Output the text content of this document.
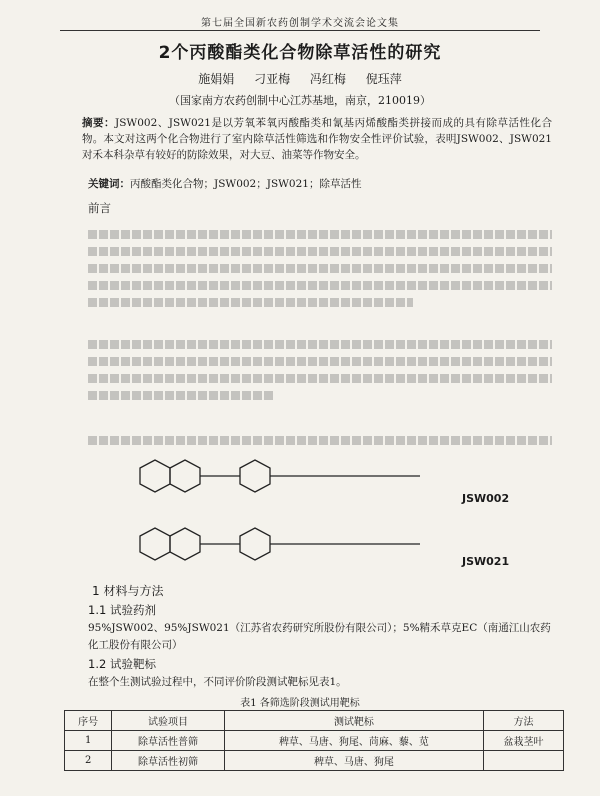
第七届全国新农药创制学术交流会论文集
2个丙酸酯类化合物除草活性的研究
施娟娟 刁亚梅 冯红梅 倪珏萍
（国家南方农药创制中心江苏基地，南京，210019）
摘要：JSW002、JSW021是以芳氧苯氧丙酸酯类和氰基丙烯酸酯类拼接而成的具有除草活性化合物。本文对这两个化合物进行了室内除草活性筛选和作物安全性评价试验，表明JSW002、JSW021对禾本科杂草有较好的防除效果，对大豆、油菜等作物安全。
关键词：丙酸酯类化合物；JSW002；JSW021；除草活性
前言
JSW002
JSW021
1 材料与方法
1.1 试验药剂
95%JSW002、95%JSW021（江苏省农药研究所股份有限公司）；5%精禾草克EC（南通江山农药化工股份有限公司）
1.2 试验靶标
在整个生测试验过程中，不同评价阶段测试靶标见表1。
表1 各筛选阶段测试用靶标
序号	试验项目	测试靶标	方法
1	除草活性普筛	稗草、马唐、狗尾、苘麻、藜、苋	盆栽茎叶
2	除草活性初筛	稗草、马唐、狗尾	
